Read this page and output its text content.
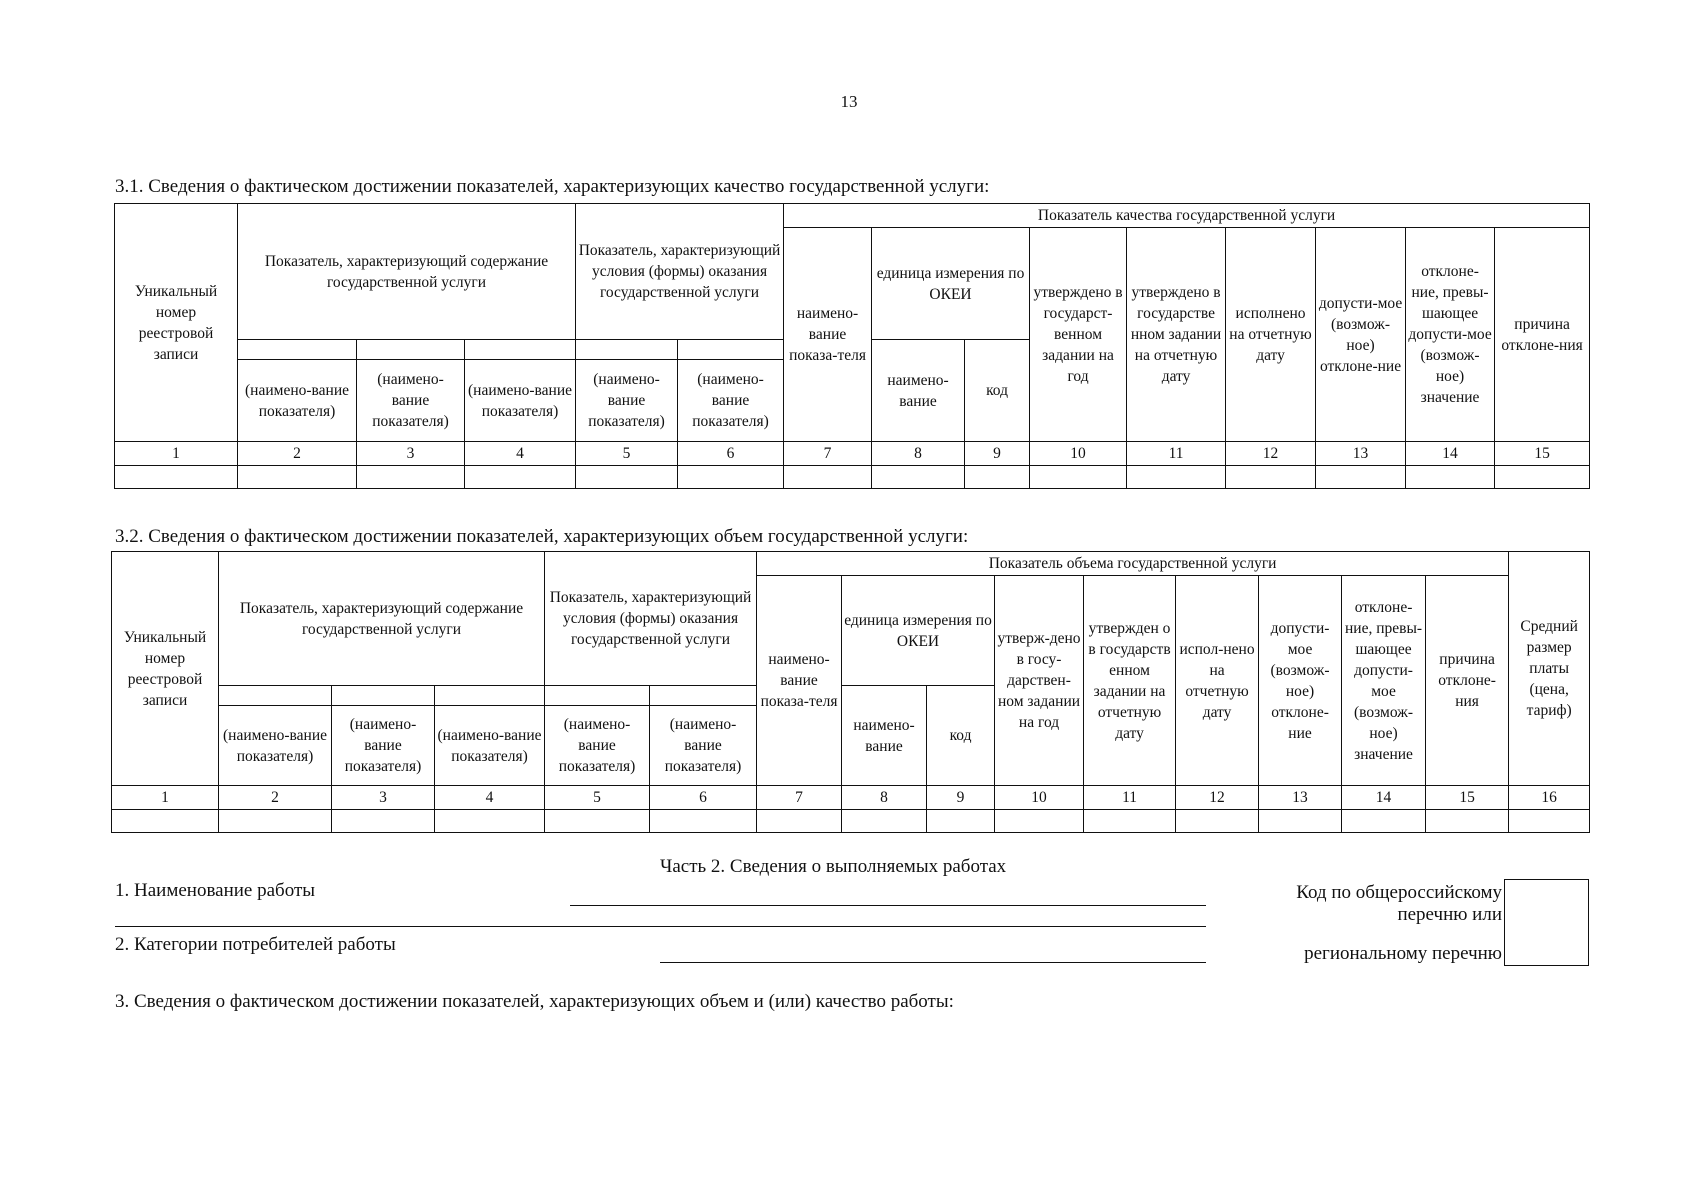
13
3.1. Сведения о фактическом достижении показателей, характеризующих качество государственной услуги:
Уникальный номер реестровой записи	Показатель, характеризующий содержание государственной услуги			Показатель, характеризующий условия (формы) оказания государственной услуги		Показатель качества государственной услуги								
						наимено-вание показа-теля	единица измерения по ОКЕИ		утверждено в государст-венном задании на год	утверждено в государстве нном задании на отчетную дату	исполнено на отчетную дату	допусти-мое (возмож-ное) отклоне-ние	отклоне-ние, превы-шающее допусти-мое (возмож-ное) значение	причина отклоне-ния
							наимено-вание	код						
	(наимено-вание показателя)	(наимено-вание показателя)	(наимено-вание показателя)	(наимено-вание показателя)	(наимено-вание показателя)									
1	2	3	4	5	6	7	8	9	10	11	12	13	14	15

3.2. Сведения о фактическом достижении показателей, характеризующих объем государственной услуги:
Уникальный номер реестровой записи	Показатель, характеризующий содержание государственной услуги			Показатель, характеризующий условия (формы) оказания государственной услуги		Показатель объема государственной услуги									Средний размер платы (цена, тариф)
						наимено-вание показа-теля	единица измерения по ОКЕИ		утверж-дено в госу-дарствен-ном задании на год	утвержден о в государств енном задании на отчетную дату	испол-нено на отчетную дату	допусти-мое (возмож-ное) отклоне-ние	отклоне-ние, превы-шающее допусти-мое (возмож-ное) значение	причина отклоне-ния	
							наимено-вание	код							
	(наимено-вание показателя)	(наимено-вание показателя)	(наимено-вание показателя)	(наимено-вание показателя)	(наимено-вание показателя)										
1	2	3	4	5	6	7	8	9	10	11	12	13	14	15	16

Часть 2. Сведения о выполняемых работах
1. Наименование работы
2. Категории потребителей работы
Код по общероссийскому
перечню или
региональному перечню
3. Сведения о фактическом достижении показателей, характеризующих объем и (или) качество работы:
